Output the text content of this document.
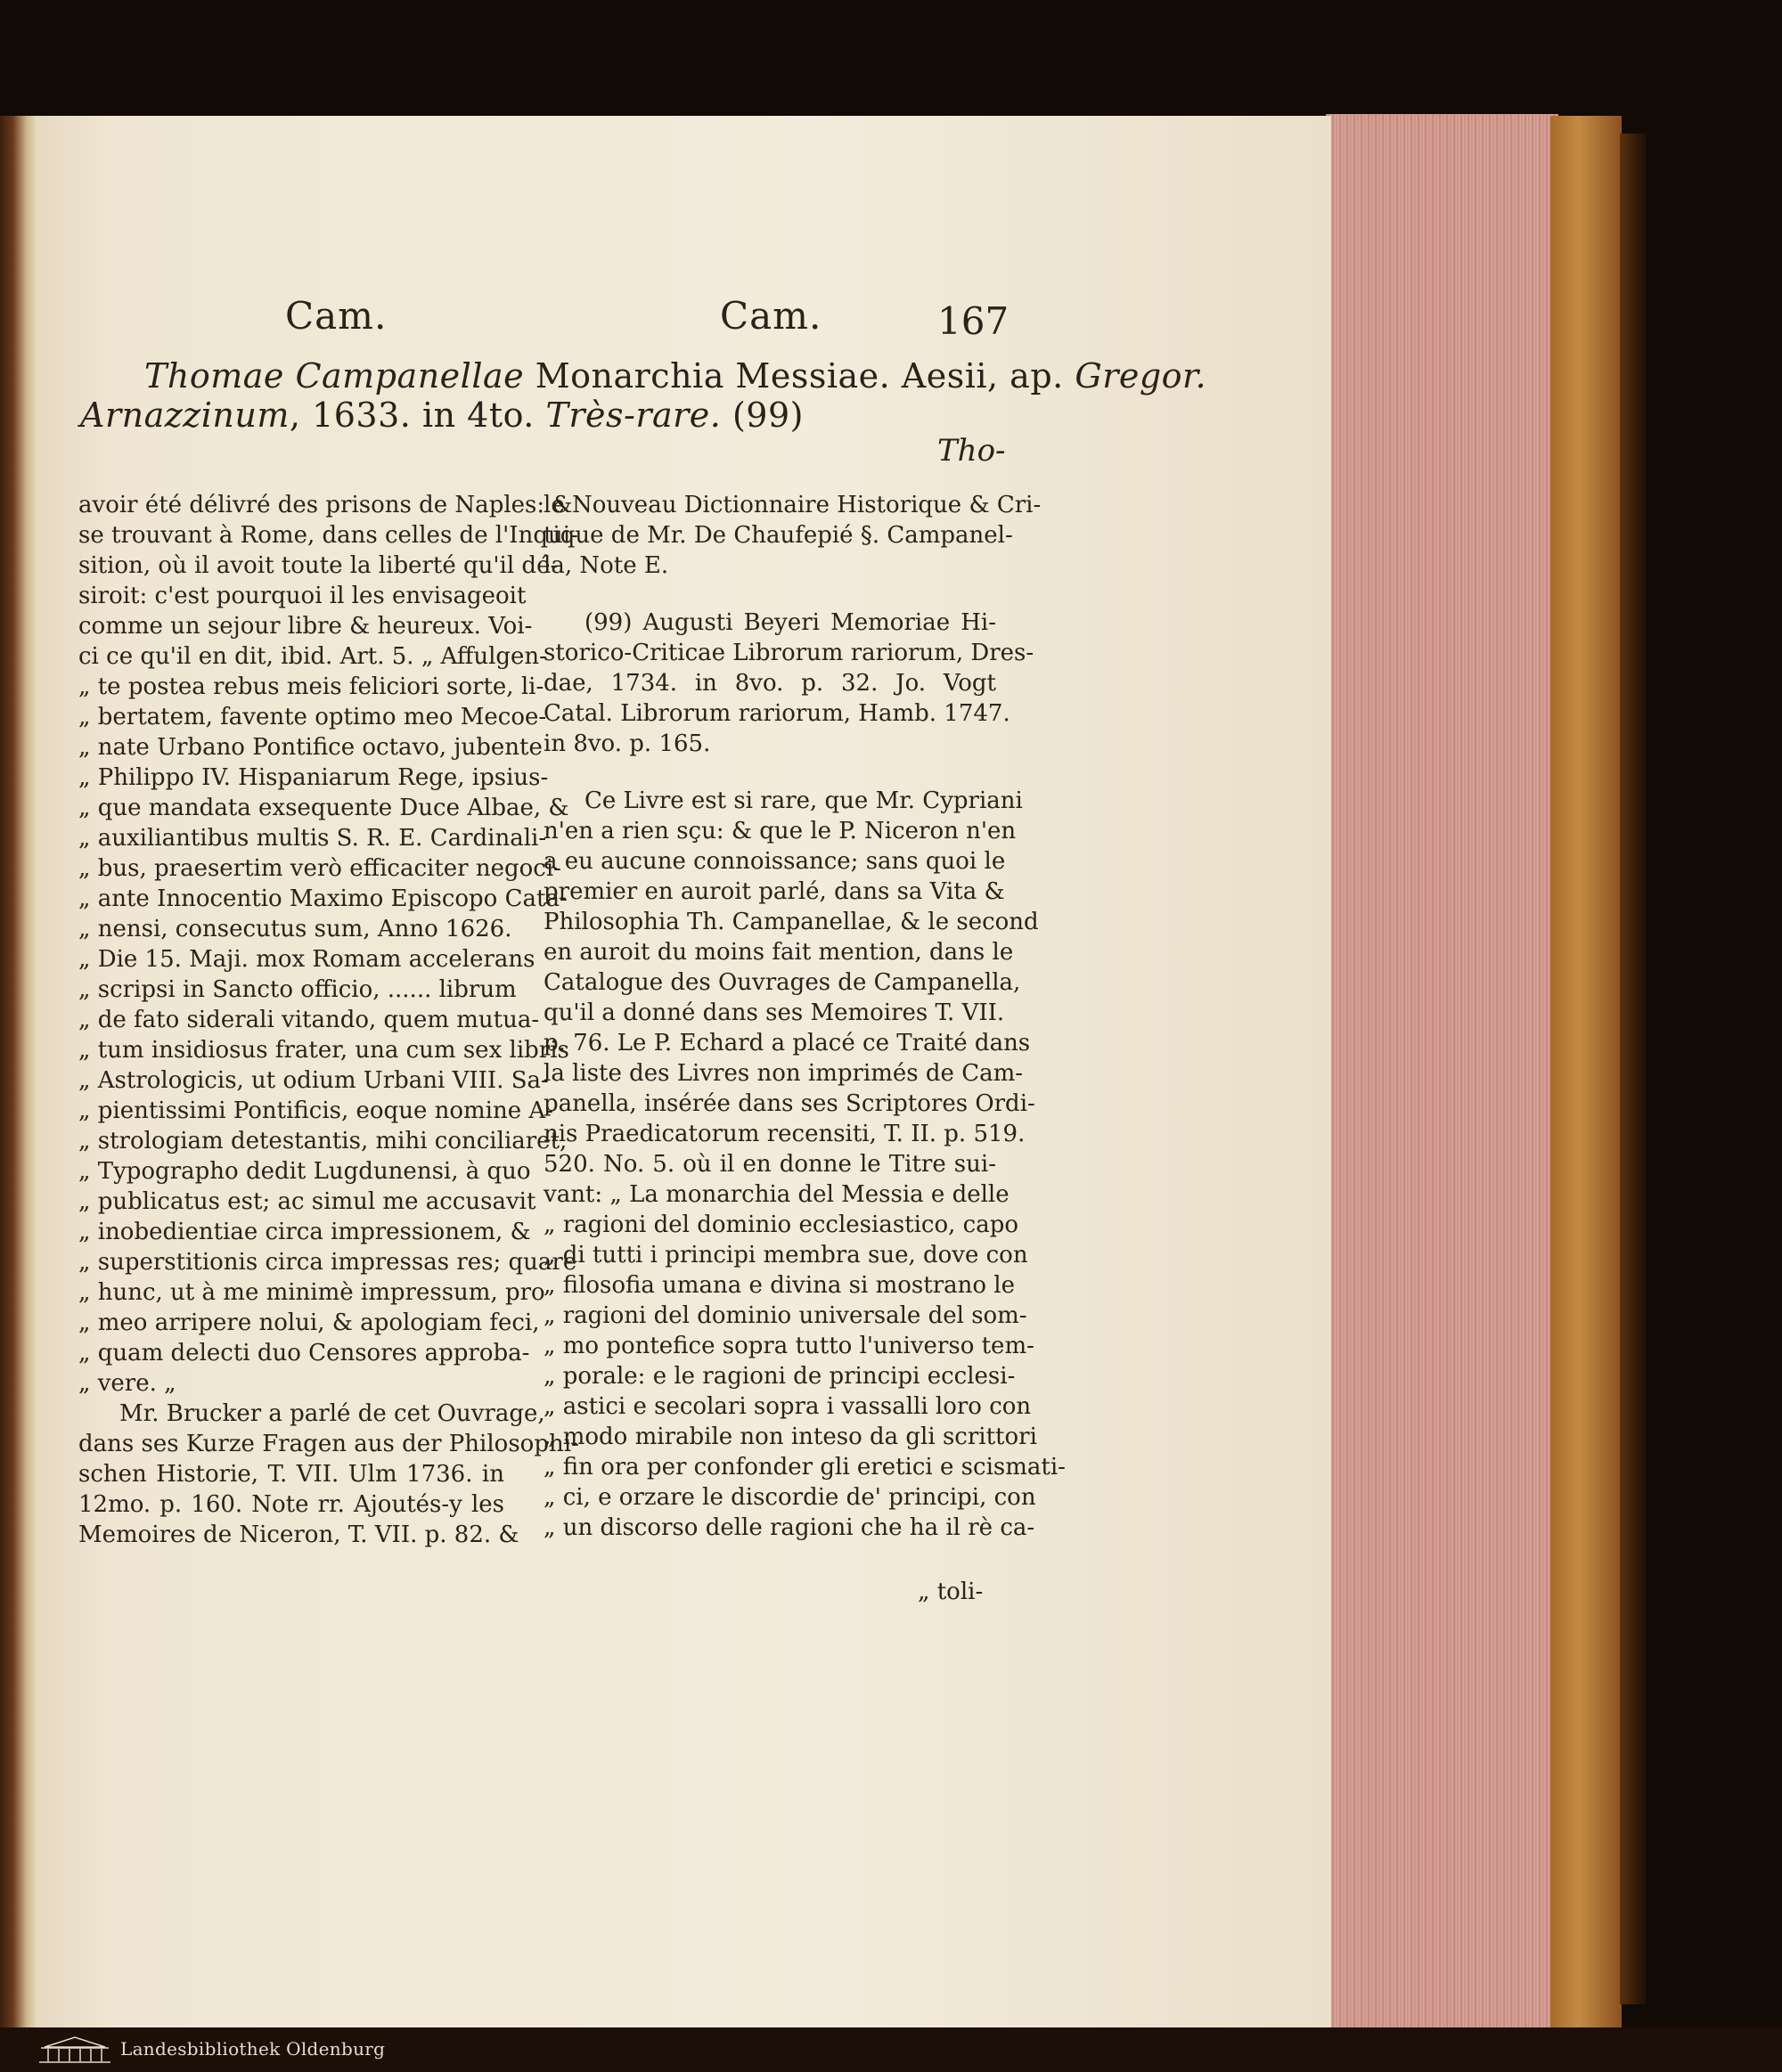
Cam.	Cam.	167
Thomae Campanellae Monarchia Messiae. Aesii, ap. Gregor.
Arnazzinum, 1633. in 4to. Très-rare. (99)
Tho-
avoir été délivré des prisons de Naples: &
se trouvant à Rome, dans celles de l'Inqui-
sition, où il avoit toute la liberté qu'il dé-
siroit: c'est pourquoi il les envisageoit
comme un sejour libre & heureux. Voi-
ci ce qu'il en dit, ibid. Art. 5. „ Affulgen-
„ te postea rebus meis feliciori sorte, li-
„ bertatem, favente optimo meo Mecoe-
„ nate Urbano Pontifice octavo, jubente
„ Philippo IV. Hispaniarum Rege, ipsius-
„ que mandata exsequente Duce Albae, &
„ auxiliantibus multis S. R. E. Cardinali-
„ bus, praesertim verò efficaciter negoci-
„ ante Innocentio Maximo Episcopo Cata-
„ nensi, consecutus sum, Anno 1626.
„ Die 15. Maji. mox Romam accelerans
„ scripsi in Sancto officio, ...... librum
„ de fato siderali vitando, quem mutua-
„ tum insidiosus frater, una cum sex libris
„ Astrologicis, ut odium Urbani VIII. Sa-
„ pientissimi Pontificis, eoque nomine A-
„ strologiam detestantis, mihi conciliaret,
„ Typographo dedit Lugdunensi, à quo
„ publicatus est; ac simul me accusavit
„ inobedientiae circa impressionem, &
„ superstitionis circa impressas res; quare
„ hunc, ut à me minimè impressum, pro
„ meo arripere nolui, & apologiam feci,
„ quam delecti duo Censores approba-
„ vere. „
Mr. Brucker a parlé de cet Ouvrage,
dans ses Kurze Fragen aus der Philosophi-
schen Historie, T. VII. Ulm 1736. in
12mo. p. 160. Note rr. Ajoutés-y les
Memoires de Niceron, T. VII. p. 82. &
le Nouveau Dictionnaire Historique & Cri-
tique de Mr. De Chaufepié §. Campanel-
la, Note E.
(99) Augusti Beyeri Memoriae Hi-
storico-Criticae Librorum rariorum, Dres-
dae, 1734. in 8vo. p. 32. Jo. Vogt
Catal. Librorum rariorum, Hamb. 1747.
in 8vo. p. 165.
Ce Livre est si rare, que Mr. Cypriani
n'en a rien sçu: & que le P. Niceron n'en
a eu aucune connoissance; sans quoi le
premier en auroit parlé, dans sa Vita &
Philosophia Th. Campanellae, & le second
en auroit du moins fait mention, dans le
Catalogue des Ouvrages de Campanella,
qu'il a donné dans ses Memoires T. VII.
p. 76. Le P. Echard a placé ce Traité dans
la liste des Livres non imprimés de Cam-
panella, insérée dans ses Scriptores Ordi-
nis Praedicatorum recensiti, T. II. p. 519.
520. No. 5. où il en donne le Titre sui-
vant: „ La monarchia del Messia e delle
„ ragioni del dominio ecclesiastico, capo
„ di tutti i principi membra sue, dove con
„ filosofia umana e divina si mostrano le
„ ragioni del dominio universale del som-
„ mo pontefice sopra tutto l'universo tem-
„ porale: e le ragioni de principi ecclesi-
„ astici e secolari sopra i vassalli loro con
„ modo mirabile non inteso da gli scrittori
„ fin ora per confonder gli eretici e scismati-
„ ci, e orzare le discordie de' principi, con
„ un discorso delle ragioni che ha il rè ca-
„ toli-
Landesbibliothek Oldenburg
